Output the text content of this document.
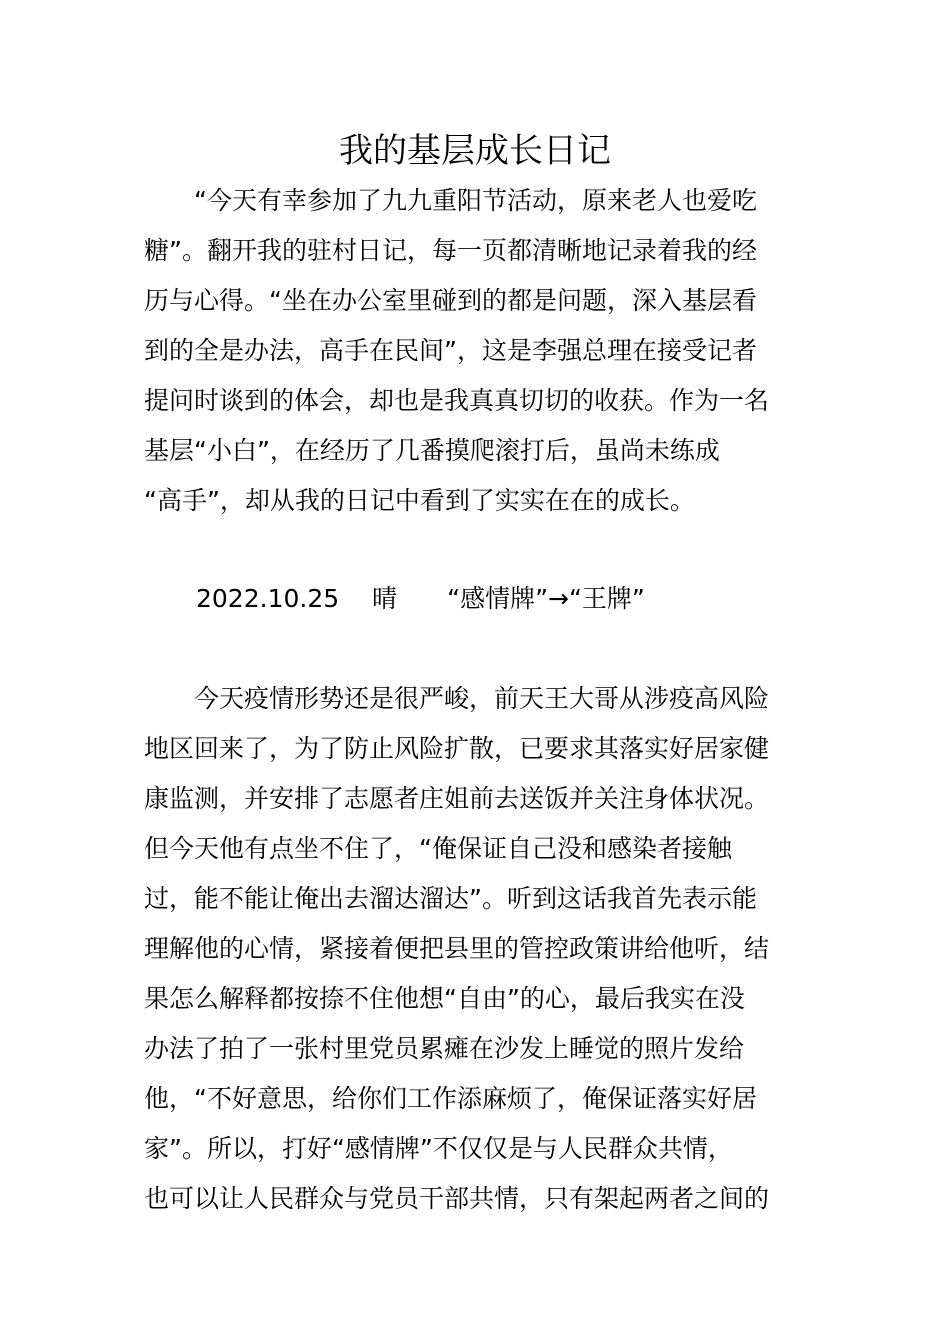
我的基层成长日记
　　“今天有幸参加了九九重阳节活动，原来老人也爱吃
糖”。翻开我的驻村日记，每一页都清晰地记录着我的经
历与心得。“坐在办公室里碰到的都是问题，深入基层看
到的全是办法，高手在民间”，这是李强总理在接受记者
提问时谈到的体会，却也是我真真切切的收获。作为一名
基层“小白”，在经历了几番摸爬滚打后，虽尚未练成
“高手”，却从我的日记中看到了实实在在的成长。
2022.10.25　 晴　　 “感情牌”→“王牌”
　　今天疫情形势还是很严峻，前天王大哥从涉疫高风险
地区回来了，为了防止风险扩散，已要求其落实好居家健
康监测，并安排了志愿者庄姐前去送饭并关注身体状况。
但今天他有点坐不住了，“俺保证自己没和感染者接触
过，能不能让俺出去溜达溜达”。听到这话我首先表示能
理解他的心情，紧接着便把县里的管控政策讲给他听，结
果怎么解释都按捺不住他想“自由”的心，最后我实在没
办法了拍了一张村里党员累瘫在沙发上睡觉的照片发给
他，“不好意思，给你们工作添麻烦了，俺保证落实好居
家”。所以，打好“感情牌”不仅仅是与人民群众共情，
也可以让人民群众与党员干部共情，只有架起两者之间的
